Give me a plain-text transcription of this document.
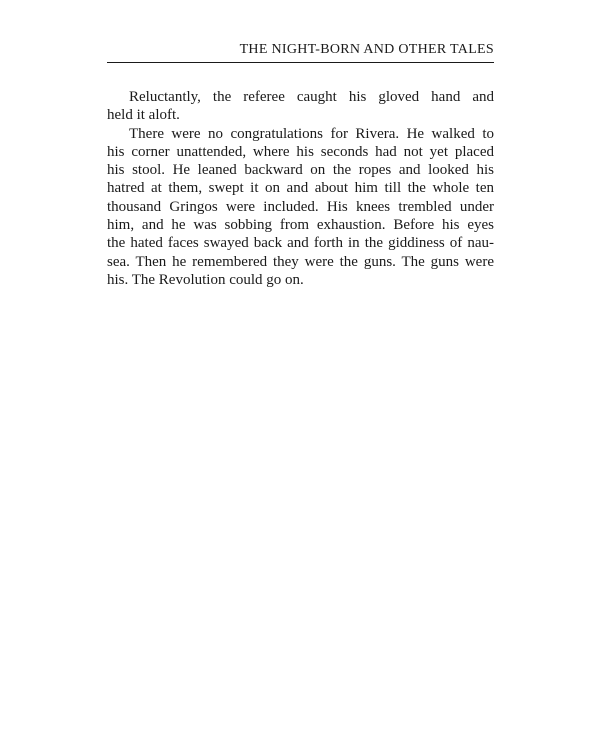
THE NIGHT-BORN AND OTHER TALES
Reluctantly, the referee caught his gloved hand and
held it aloft.
There were no congratulations for Rivera. He walked to
his corner unattended, where his seconds had not yet placed
his stool. He leaned backward on the ropes and looked his
hatred at them, swept it on and about him till the whole ten
thousand Gringos were included. His knees trembled under
him, and he was sobbing from exhaustion. Before his eyes
the hated faces swayed back and forth in the giddiness of nau-
sea. Then he remembered they were the guns. The guns were
his. The Revolution could go on.
